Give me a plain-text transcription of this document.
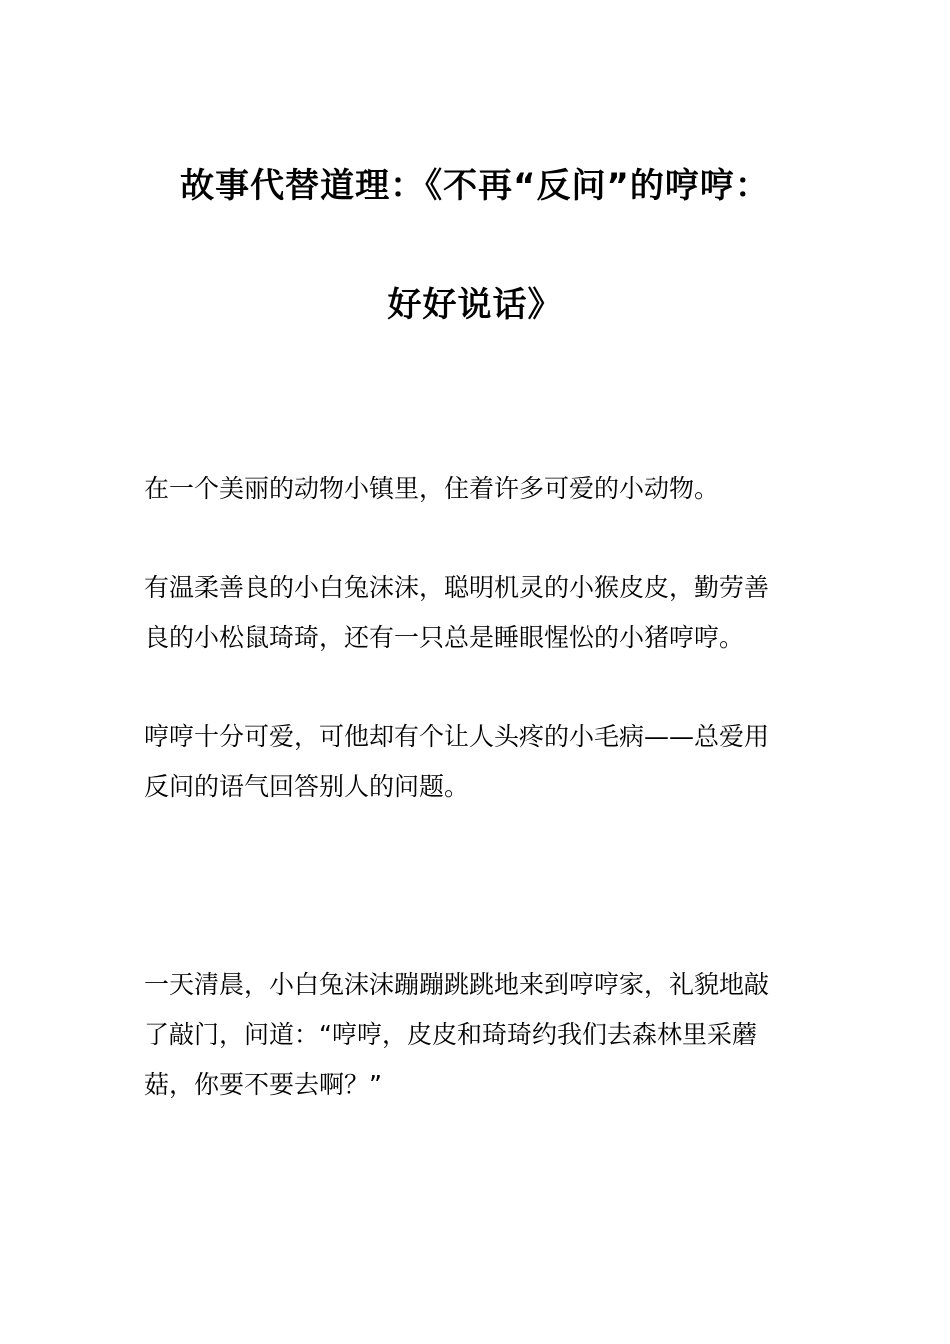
故事代替道理：《不再“反问”的哼哼：
好好说话》

在一个美丽的动物小镇里，住着许多可爱的小动物。

有温柔善良的小白兔沫沫，聪明机灵的小猴皮皮，勤劳善
良的小松鼠琦琦，还有一只总是睡眼惺忪的小猪哼哼。

哼哼十分可爱，可他却有个让人头疼的小毛病——总爱用
反问的语气回答别人的问题。

一天清晨，小白兔沫沫蹦蹦跳跳地来到哼哼家，礼貌地敲
了敲门，问道：“哼哼，皮皮和琦琦约我们去森林里采蘑
菇，你要不要去啊？”
